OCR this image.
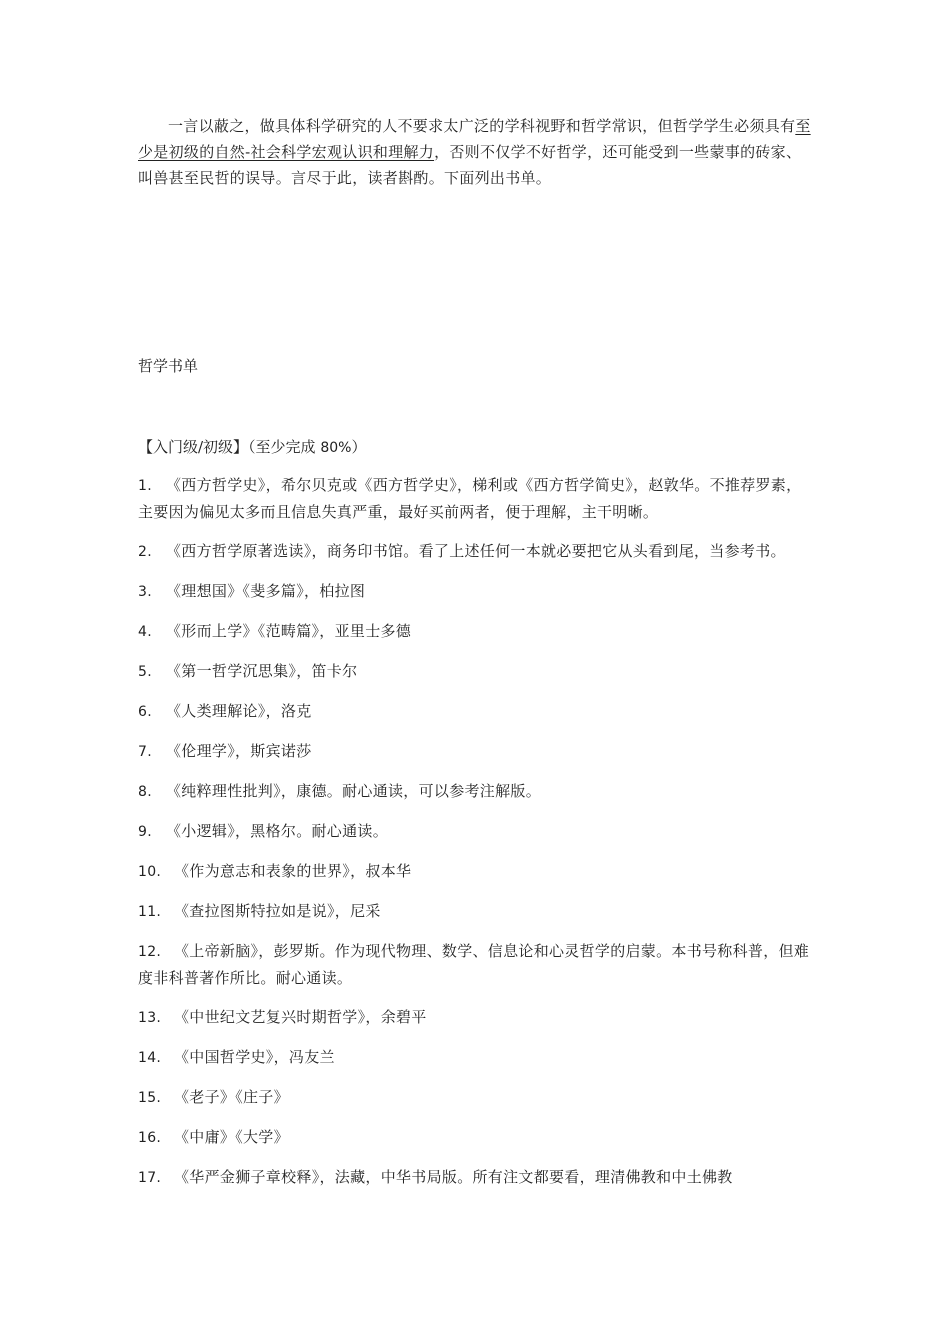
一言以蔽之，做具体科学研究的人不要求太广泛的学科视野和哲学常识，但哲学学生必须具有至少是初级的自然-社会科学宏观认识和理解力，否则不仅学不好哲学，还可能受到一些蒙事的砖家、叫兽甚至民哲的误导。言尽于此，读者斟酌。下面列出书单。

哲学书单

【入门级/初级】（至少完成 80%）

1. 《西方哲学史》，希尔贝克或《西方哲学史》，梯利或《西方哲学简史》，赵敦华。不推荐罗素，主要因为偏见太多而且信息失真严重，最好买前两者，便于理解，主干明晰。
2. 《西方哲学原著选读》，商务印书馆。看了上述任何一本就必要把它从头看到尾，当参考书。
3. 《理想国》《斐多篇》，柏拉图
4. 《形而上学》《范畴篇》，亚里士多德
5. 《第一哲学沉思集》，笛卡尔
6. 《人类理解论》，洛克
7. 《伦理学》，斯宾诺莎
8. 《纯粹理性批判》，康德。耐心通读，可以参考注解版。
9. 《小逻辑》，黑格尔。耐心通读。
10. 《作为意志和表象的世界》，叔本华
11. 《查拉图斯特拉如是说》，尼采
12. 《上帝新脑》，彭罗斯。作为现代物理、数学、信息论和心灵哲学的启蒙。本书号称科普，但难度非科普著作所比。耐心通读。
13. 《中世纪文艺复兴时期哲学》，余碧平
14. 《中国哲学史》，冯友兰
15. 《老子》《庄子》
16. 《中庸》《大学》
17. 《华严金狮子章校释》，法藏，中华书局版。所有注文都要看，理清佛教和中土佛教
